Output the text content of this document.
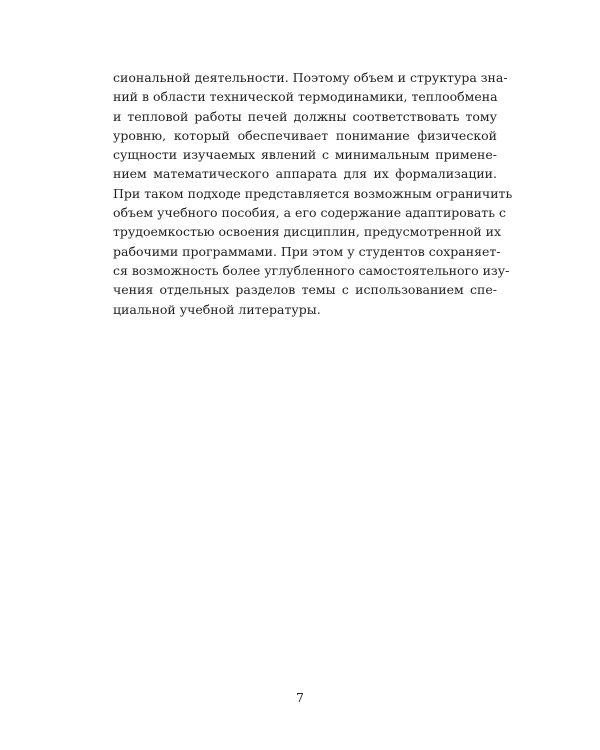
сиональной деятельности. Поэтому объем и структура зна-
ний в области технической термодинамики, теплообмена
и тепловой работы печей должны соответствовать тому
уровню, который обеспечивает понимание физической
сущности изучаемых явлений с минимальным примене-
нием математического аппарата для их формализации.
При таком подходе представляется возможным ограничить
объем учебного пособия, а его содержание адаптировать с
трудоемкостью освоения дисциплин, предусмотренной их
рабочими программами. При этом у студентов сохраняет-
ся возможность более углубленного самостоятельного изу-
чения отдельных разделов темы с использованием спе-
циальной учебной литературы.
7
